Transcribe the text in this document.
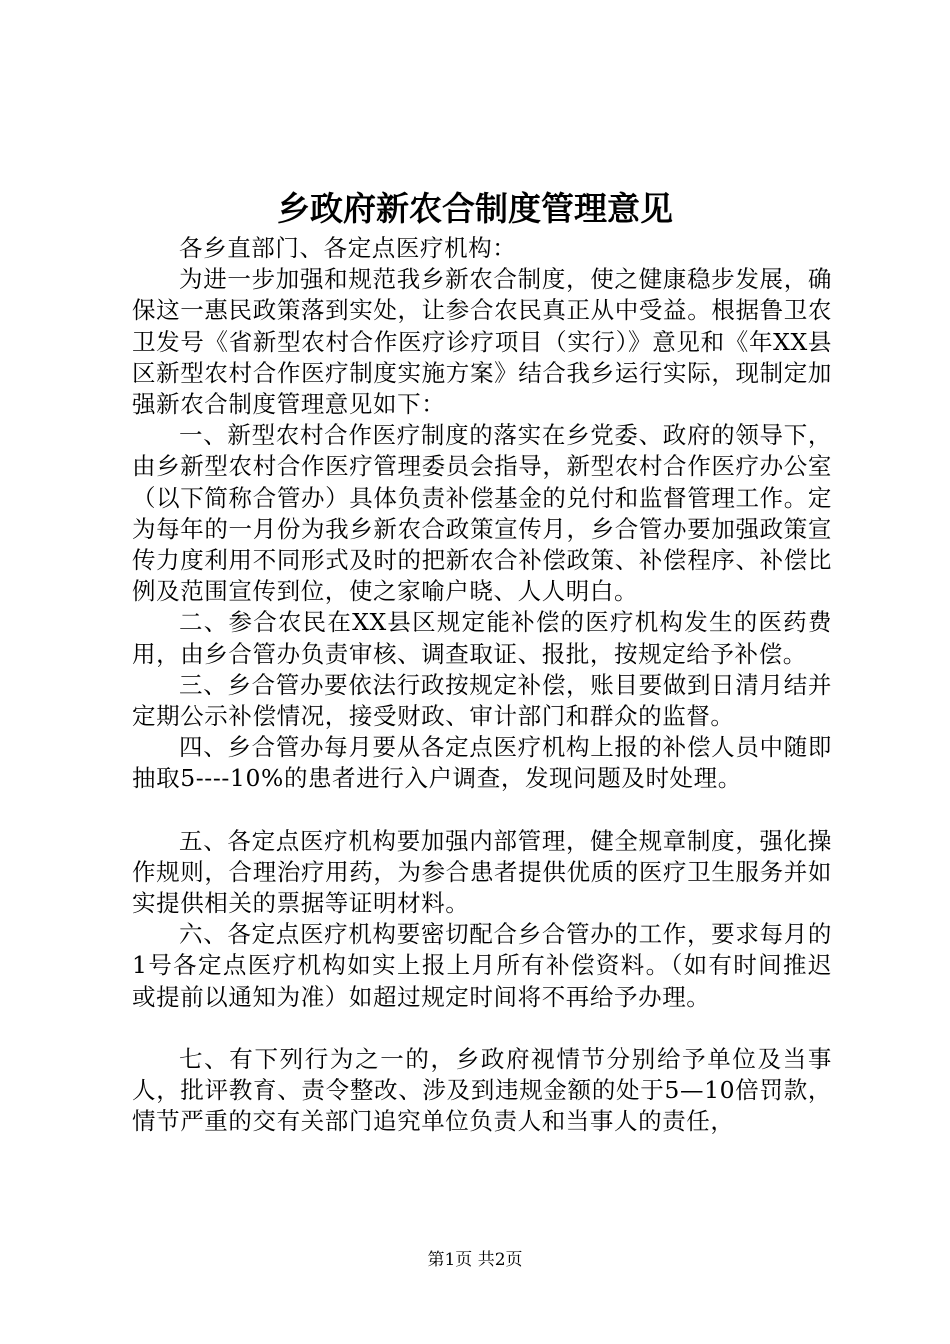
乡政府新农合制度管理意见

各乡直部门、各定点医疗机构：

为进一步加强和规范我乡新农合制度，使之健康稳步发展，确保这一惠民政策落到实处，让参合农民真正从中受益。根据鲁卫农卫发号《省新型农村合作医疗诊疗项目（实行）》意见和《年XX县区新型农村合作医疗制度实施方案》结合我乡运行实际，现制定加强新农合制度管理意见如下：

一、新型农村合作医疗制度的落实在乡党委、政府的领导下，由乡新型农村合作医疗管理委员会指导，新型农村合作医疗办公室（以下简称合管办）具体负责补偿基金的兑付和监督管理工作。定为每年的一月份为我乡新农合政策宣传月，乡合管办要加强政策宣传力度利用不同形式及时的把新农合补偿政策、补偿程序、补偿比例及范围宣传到位，使之家喻户晓、人人明白。

二、参合农民在XX县区规定能补偿的医疗机构发生的医药费用，由乡合管办负责审核、调查取证、报批，按规定给予补偿。

三、乡合管办要依法行政按规定补偿，账目要做到日清月结并定期公示补偿情况，接受财政、审计部门和群众的监督。

四、乡合管办每月要从各定点医疗机构上报的补偿人员中随即抽取5----10%的患者进行入户调查，发现问题及时处理。

五、各定点医疗机构要加强内部管理，健全规章制度，强化操作规则，合理治疗用药，为参合患者提供优质的医疗卫生服务并如实提供相关的票据等证明材料。

六、各定点医疗机构要密切配合乡合管办的工作，要求每月的1号各定点医疗机构如实上报上月所有补偿资料。（如有时间推迟或提前以通知为准）如超过规定时间将不再给予办理。

七、有下列行为之一的，乡政府视情节分别给予单位及当事人，批评教育、责令整改、涉及到违规金额的处于5—10倍罚款，情节严重的交有关部门追究单位负责人和当事人的责任，

第1页 共2页
